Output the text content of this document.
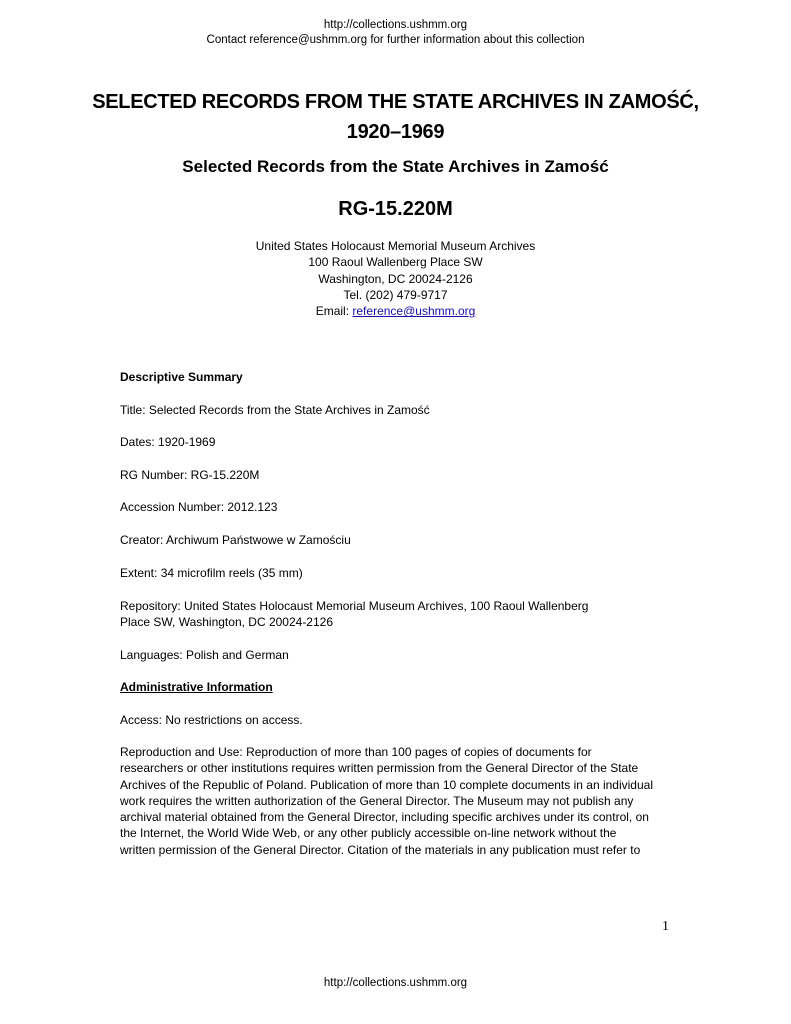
http://collections.ushmm.org
Contact reference@ushmm.org for further information about this collection
SELECTED RECORDS FROM THE STATE ARCHIVES IN ZAMOŚĆ,
1920–1969
Selected Records from the State Archives in Zamość
RG-15.220M
United States Holocaust Memorial Museum Archives
100 Raoul Wallenberg Place SW
Washington, DC 20024-2126
Tel. (202) 479-9717
Email: reference@ushmm.org
Descriptive Summary
Title: Selected Records from the State Archives in Zamość
Dates: 1920-1969
RG Number: RG-15.220M
Accession Number: 2012.123
Creator: Archiwum Państwowe w Zamościu
Extent: 34 microfilm reels (35 mm)
Repository: United States Holocaust Memorial Museum Archives, 100 Raoul Wallenberg
Place SW, Washington, DC 20024-2126
Languages: Polish and German
Administrative Information
Access: No restrictions on access.
Reproduction and Use: Reproduction of more than 100 pages of copies of documents for
researchers or other institutions requires written permission from the General Director of the State
Archives of the Republic of Poland. Publication of more than 10 complete documents in an individual
work requires the written authorization of the General Director. The Museum may not publish any
archival material obtained from the General Director, including specific archives under its control, on
the Internet, the World Wide Web, or any other publicly accessible on-line network without the
written permission of the General Director. Citation of the materials in any publication must refer to
1
http://collections.ushmm.org
